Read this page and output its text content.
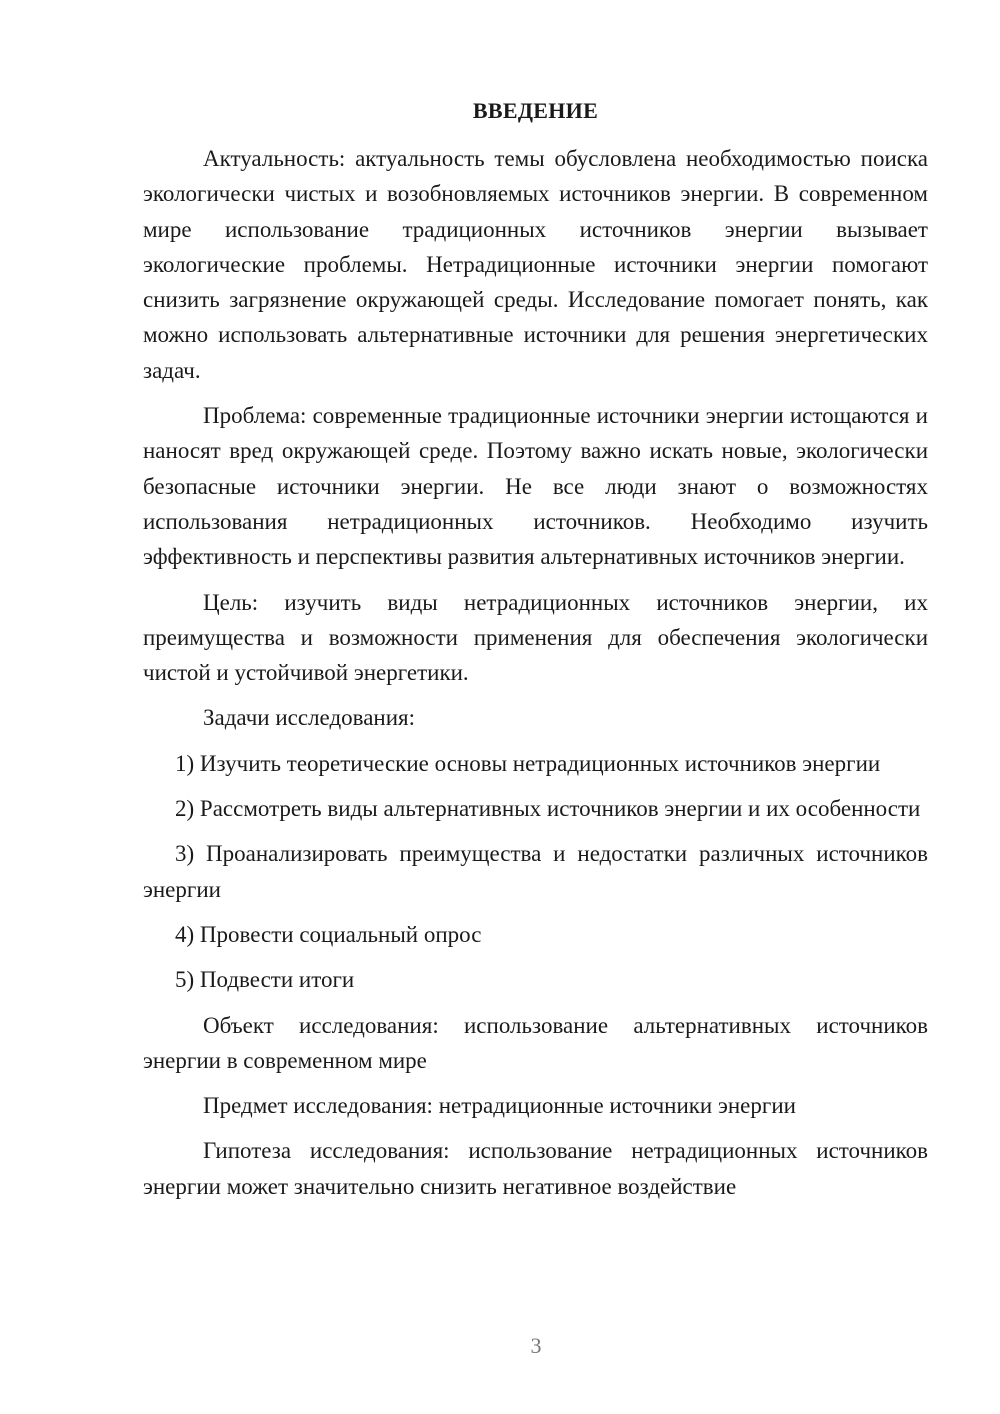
ВВЕДЕНИЕ

Актуальность: актуальность темы обусловлена необходимостью поиска экологически чистых и возобновляемых источников энергии. В современном мире использование традиционных источников энергии вызывает экологические проблемы. Нетрадиционные источники энергии помогают снизить загрязнение окружающей среды. Исследование помогает понять, как можно использовать альтернативные источники для решения энергетических задач.

Проблема: современные традиционные источники энергии истощаются и наносят вред окружающей среде. Поэтому важно искать новые, экологически безопасные источники энергии. Не все люди знают о возможностях использования нетрадиционных источников. Необходимо изучить эффективность и перспективы развития альтернативных источников энергии.

Цель: изучить виды нетрадиционных источников энергии, их преимущества и возможности применения для обеспечения экологически чистой и устойчивой энергетики.

Задачи исследования:

1) Изучить теоретические основы нетрадиционных источников энергии

2) Рассмотреть виды альтернативных источников энергии и их особенности

3) Проанализировать преимущества и недостатки различных источников энергии

4) Провести социальный опрос

5) Подвести итоги

Объект исследования: использование альтернативных источников энергии в современном мире

Предмет исследования: нетрадиционные источники энергии

Гипотеза исследования: использование нетрадиционных источников энергии может значительно снизить негативное воздействие

3
